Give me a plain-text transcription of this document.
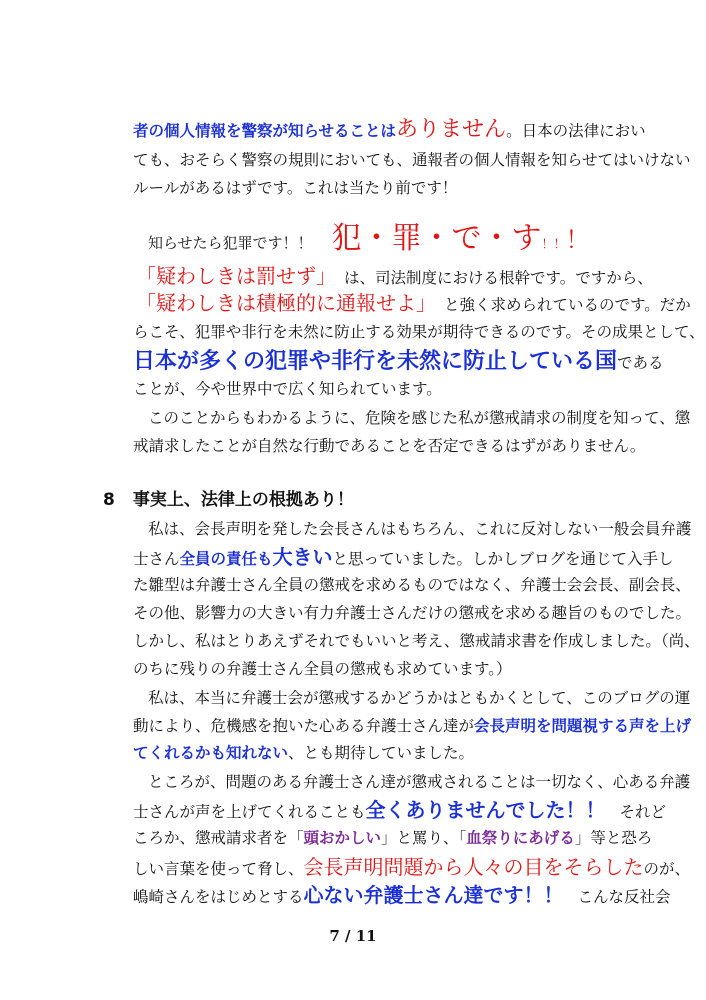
者の個人情報を警察が知らせることはありません。日本の法律におい
ても、おそらく警察の規則においても、通報者の個人情報を知らせてはいけない
ルールがあるはずです。これは当たり前です！
知らせたら犯罪です！！ 犯・罪・で・す！！！
「疑わしきは罰せず」 は、司法制度における根幹です。ですから、
「疑わしきは積極的に通報せよ」 と強く求められているのです。だか
らこそ、犯罪や非行を未然に防止する効果が期待できるのです。その成果として、
日本が多くの犯罪や非行を未然に防止している国である
ことが、今や世界中で広く知られています。
このことからもわかるように、危険を感じた私が懲戒請求の制度を知って、懲
戒請求したことが自然な行動であることを否定できるはずがありません。
8 事実上、法律上の根拠あり！
私は、会長声明を発した会長さんはもちろん、これに反対しない一般会員弁護
士さん全員の責任も大きいと思っていました。しかしブログを通じて入手し
た雛型は弁護士さん全員の懲戒を求めるものではなく、弁護士会会長、副会長、
その他、影響力の大きい有力弁護士さんだけの懲戒を求める趣旨のものでした。
しかし、私はとりあえずそれでもいいと考え、懲戒請求書を作成しました。（尚、
のちに残りの弁護士さん全員の懲戒も求めています。）
私は、本当に弁護士会が懲戒するかどうかはともかくとして、このブログの運
動により、危機感を抱いた心ある弁護士さん達が会長声明を問題視する声を上げ
てくれるかも知れない、とも期待していました。
ところが、問題のある弁護士さん達が懲戒されることは一切なく、心ある弁護
士さんが声を上げてくれることも全くありませんでした！！ それど
ころか、懲戒請求者を「頭おかしい」と罵り、「血祭りにあげる」等と恐ろ
しい言葉を使って脅し、会長声明問題から人々の目をそらしたのが、
嶋崎さんをはじめとする心ない弁護士さん達です！！ こんな反社会
7 / 11
